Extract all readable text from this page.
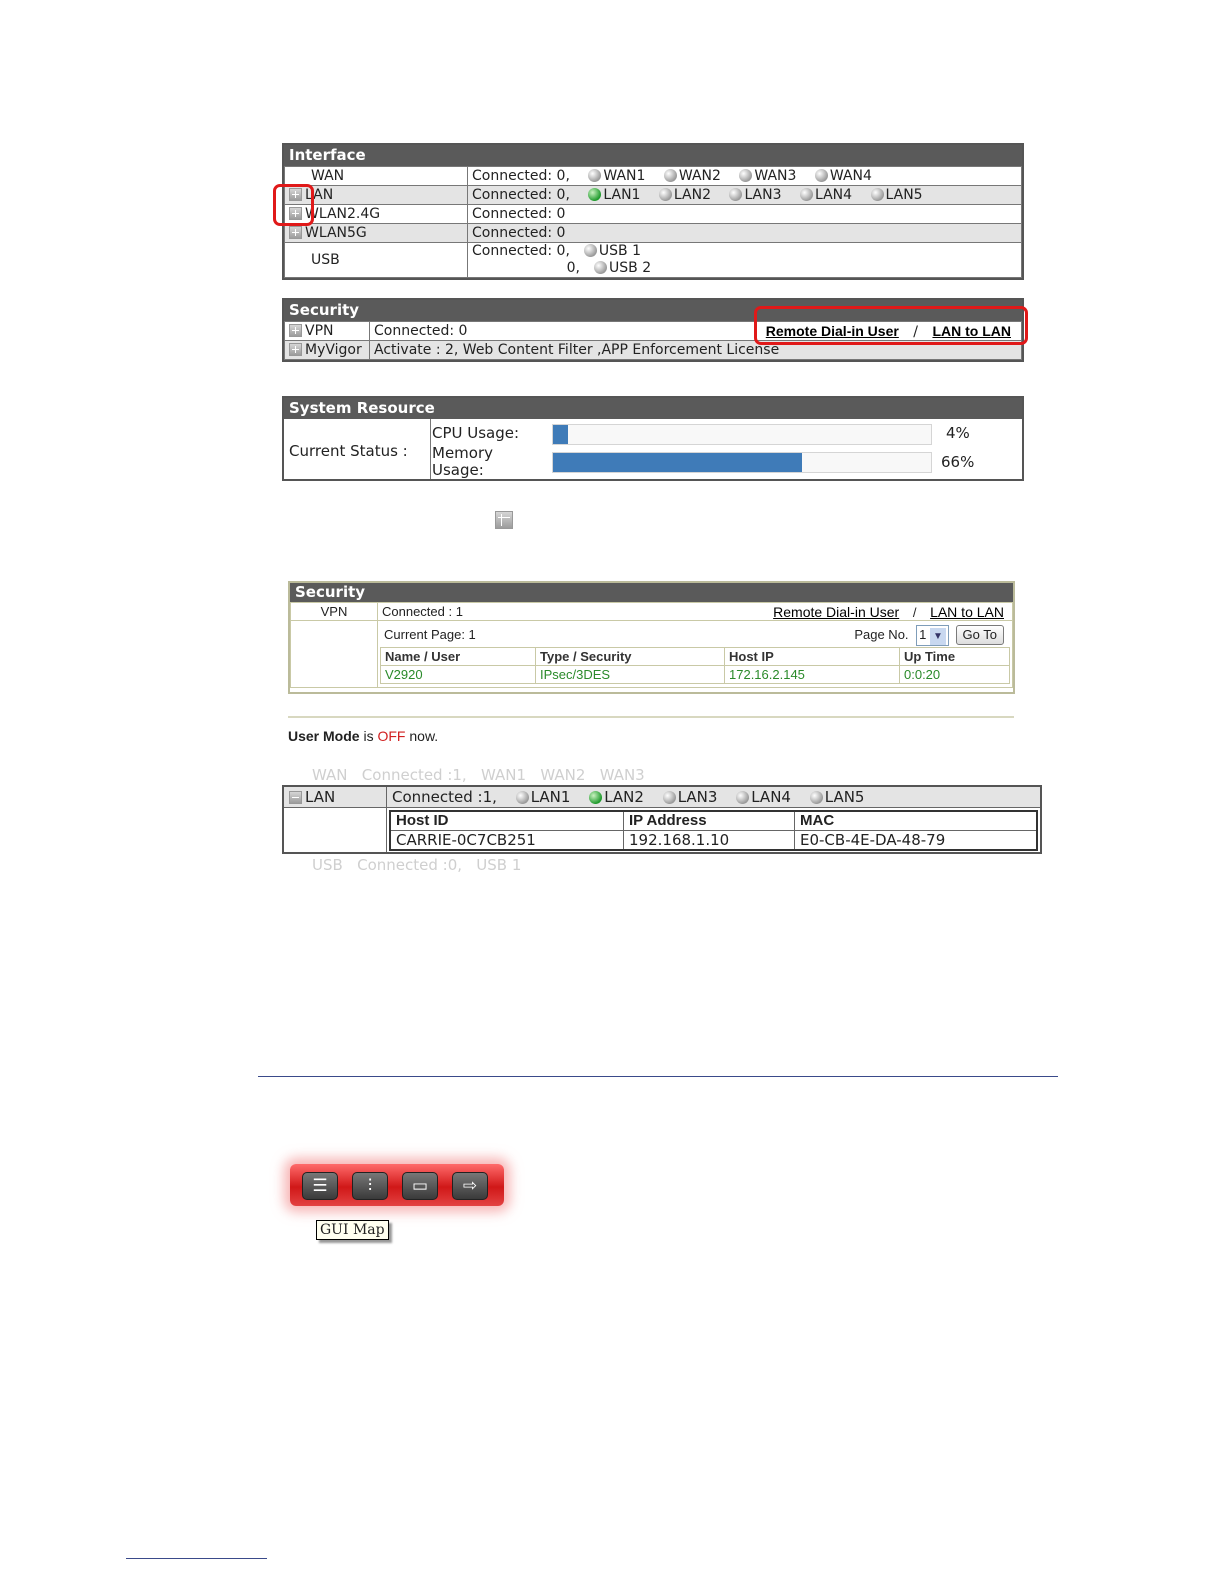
Interface
WAN	Connected: 0, WAN1 WAN2 WAN3 WAN4
LAN	Connected: 0, LAN1 LAN2 LAN3 LAN4 LAN5
WLAN2.4G	Connected: 0
WLAN5G	Connected: 0
USB	Connected: 0, USB 1
0, USB 2
Security
VPN	Connected: 0 Remote Dial-in User / LAN to LAN

MyVigor	Activate : 2, Web Content Filter ,APP Enforcement License
System Resource
Current Status :
CPU Usage:	4%
Memory
Usage:	66%
Security
VPN	Connected : 1	Remote Dial-in User / LAN to LAN

Current Page: 1	Page No. 1 ▼ Go To
Name / User	Type / Security	Host IP	Up Time
V2920	IPsec/3DES	172.16.2.145	0:0:20
User Mode is OFF now.
WAN   Connected :1,   WAN1   WAN2   WAN3
LAN	Connected :1, LAN1 LAN2 LAN3 LAN4 LAN5

Host ID	IP Address	MAC
CARRIE-0C7CB251	192.168.1.10	E0-CB-4E-DA-48-79
USB   Connected :0,   USB 1
☰	⫶	▭	⇨
GUI Map
